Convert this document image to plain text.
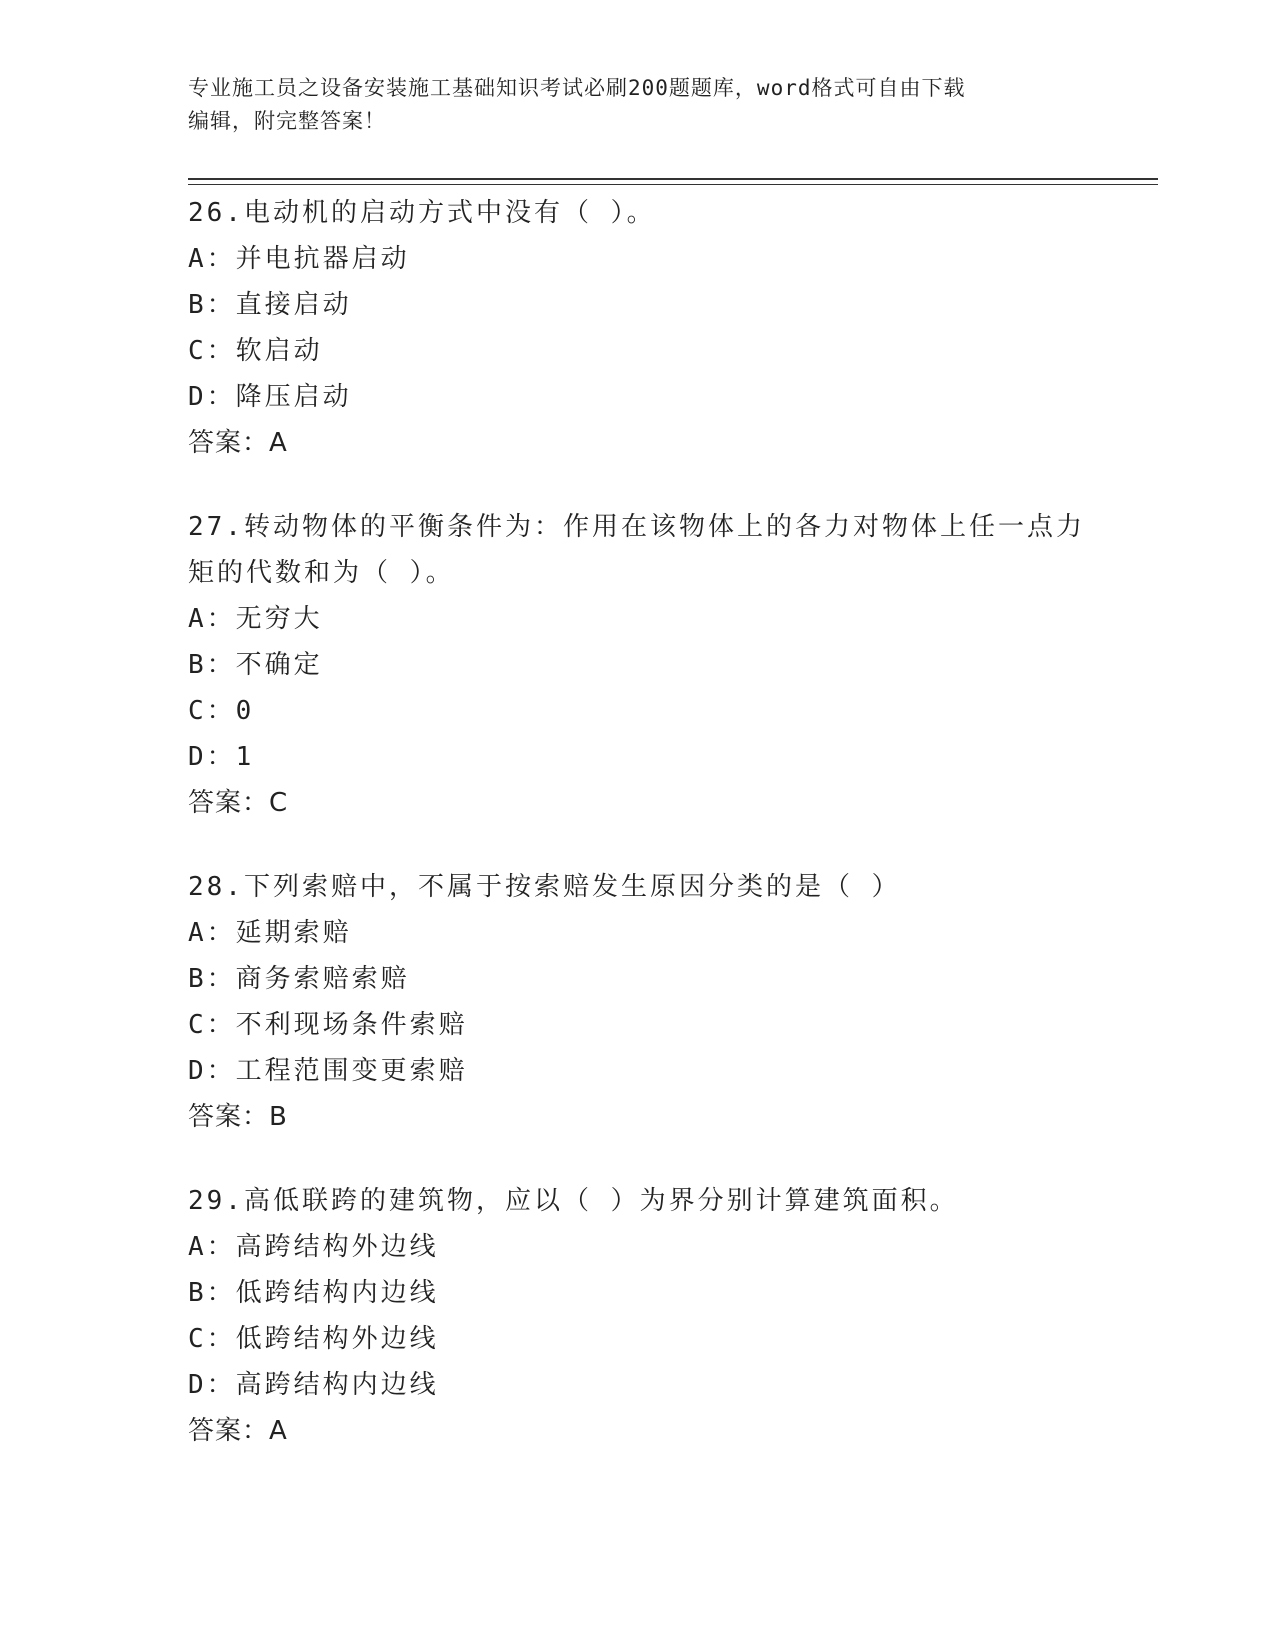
专业施工员之设备安装施工基础知识考试必刷200题题库，word格式可自由下载
编辑，附完整答案！
26.电动机的启动方式中没有（ ）。
A：并电抗器启动
B：直接启动
C：软启动
D：降压启动
答案：A
27.转动物体的平衡条件为：作用在该物体上的各力对物体上任一点力矩的代数和为（ ）。
A：无穷大
B：不确定
C：0
D：1
答案：C
28.下列索赔中，不属于按索赔发生原因分类的是（ ）
A：延期索赔
B：商务索赔索赔
C：不利现场条件索赔
D：工程范围变更索赔
答案：B
29.高低联跨的建筑物，应以（ ）为界分别计算建筑面积。
A：高跨结构外边线
B：低跨结构内边线
C：低跨结构外边线
D：高跨结构内边线
答案：A
